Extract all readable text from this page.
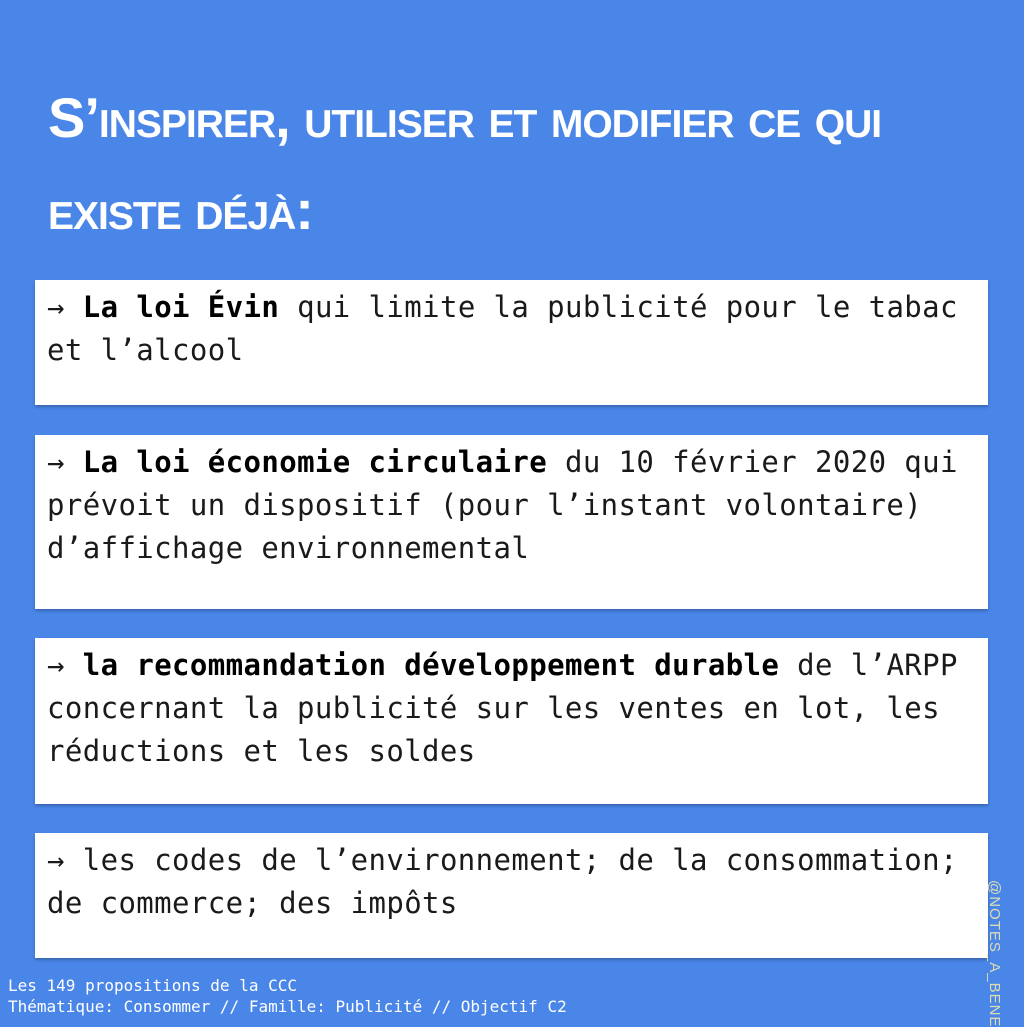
S’inspirer, utiliser et modifier ce qui
existe déjà:
→ La loi Évin qui limite la publicité pour le tabac et l’alcool
→ La loi économie circulaire du 10 février 2020 qui prévoit un dispositif (pour l’instant volontaire) d’affichage environnemental
→ la recommandation développement durable de l’ARPP concernant la publicité sur les ventes en lot, les réductions et les soldes
→ les codes de l’environnement; de la consommation; de commerce; des impôts
Les 149 propositions de la CCC
Thématique: Consommer // Famille: Publicité // Objectif C2	@NOTES_A_BENE
